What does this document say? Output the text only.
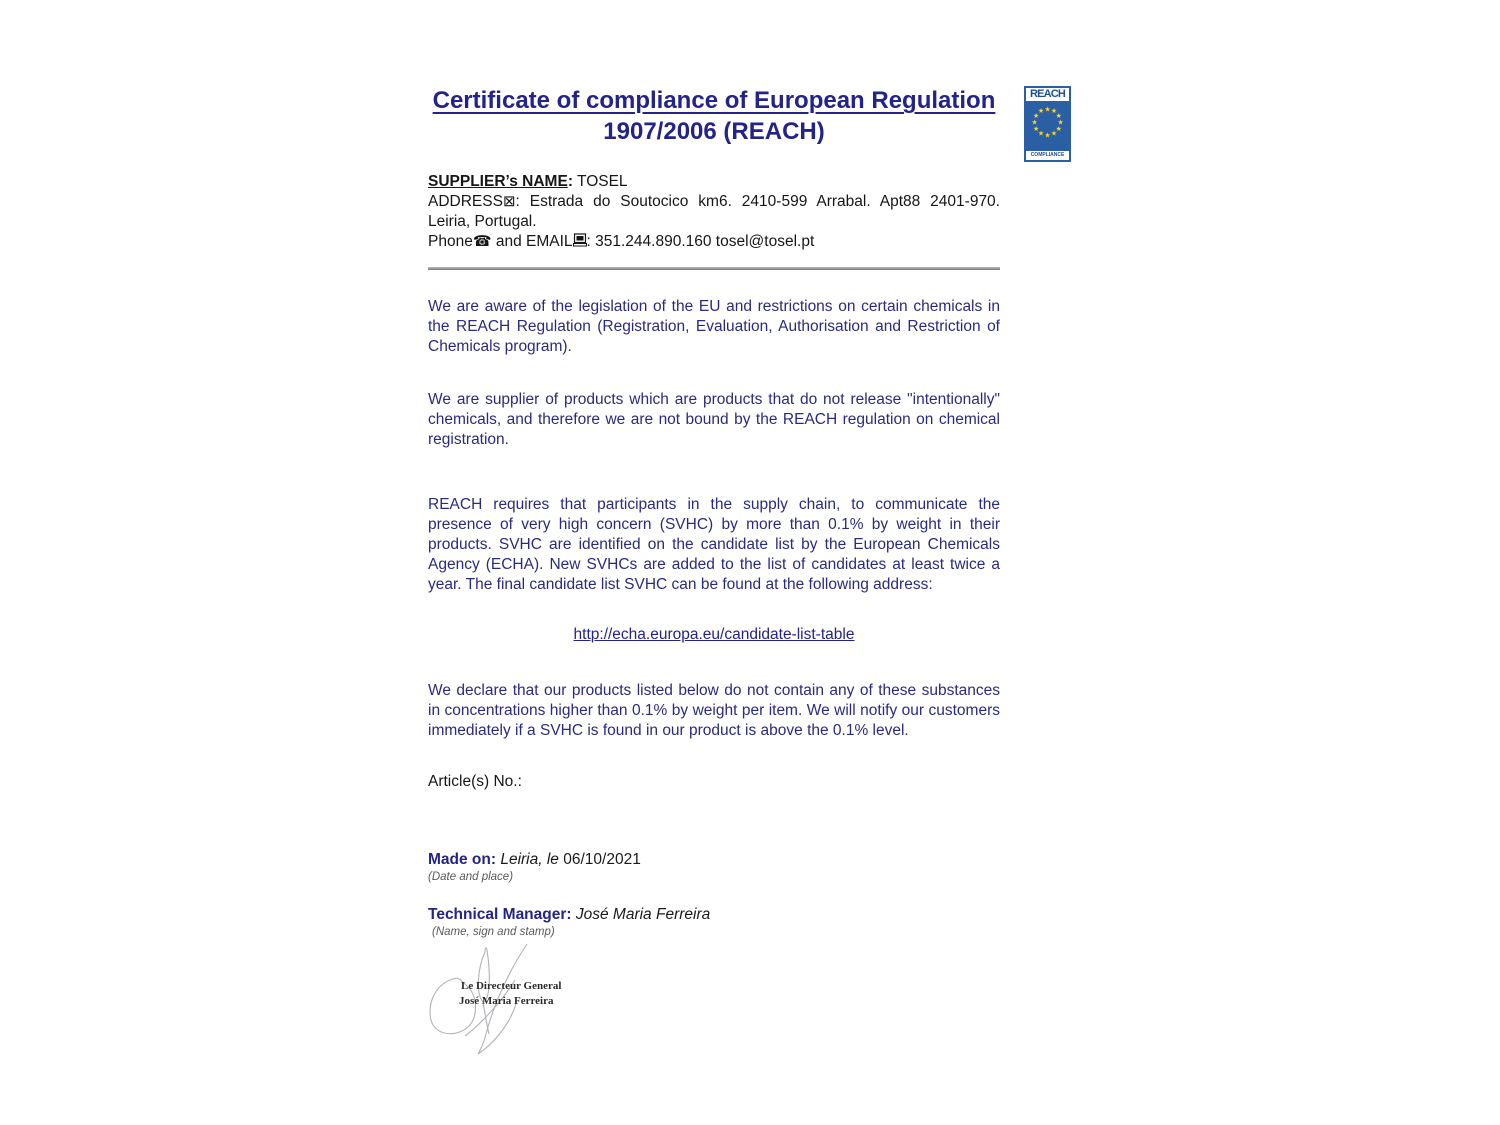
Certificate of compliance of European Regulation
1907/2006 (REACH)
SUPPLIER’s NAME: TOSEL
ADDRESS⊠: Estrada do Soutocico km6. 2410-599 Arrabal. Apt88 2401-970. Leiria, Portugal.
Phone☎ and EMAIL : 351.244.890.160 tosel@tosel.pt

We are aware of the legislation of the EU and restrictions on certain chemicals in the REACH Regulation (Registration, Evaluation, Authorisation and Restriction of Chemicals program).

We are supplier of products which are products that do not release "intentionally" chemicals, and therefore we are not bound by the REACH regulation on chemical registration.

REACH requires that participants in the supply chain, to communicate the presence of very high concern (SVHC) by more than 0.1% by weight in their products. SVHC are identified on the candidate list by the European Chemicals Agency (ECHA). New SVHCs are added to the list of candidates at least twice a year. The final candidate list SVHC can be found at the following address:

http://echa.europa.eu/candidate-list-table

We declare that our products listed below do not contain any of these substances in concentrations higher than 0.1% by weight per item. We will notify our customers immediately if a SVHC is found in our product is above the 0.1% level.

Article(s) No.:
Made on: Leiria, le 06/10/2021
(Date and place)
Technical Manager: José Maria Ferreira
(Name, sign and stamp)
REACH
★ ★
★
★
★
★
★
★
★
★
★
★
COMPLIANCE
Le Directeur General
José Maria Ferreira
